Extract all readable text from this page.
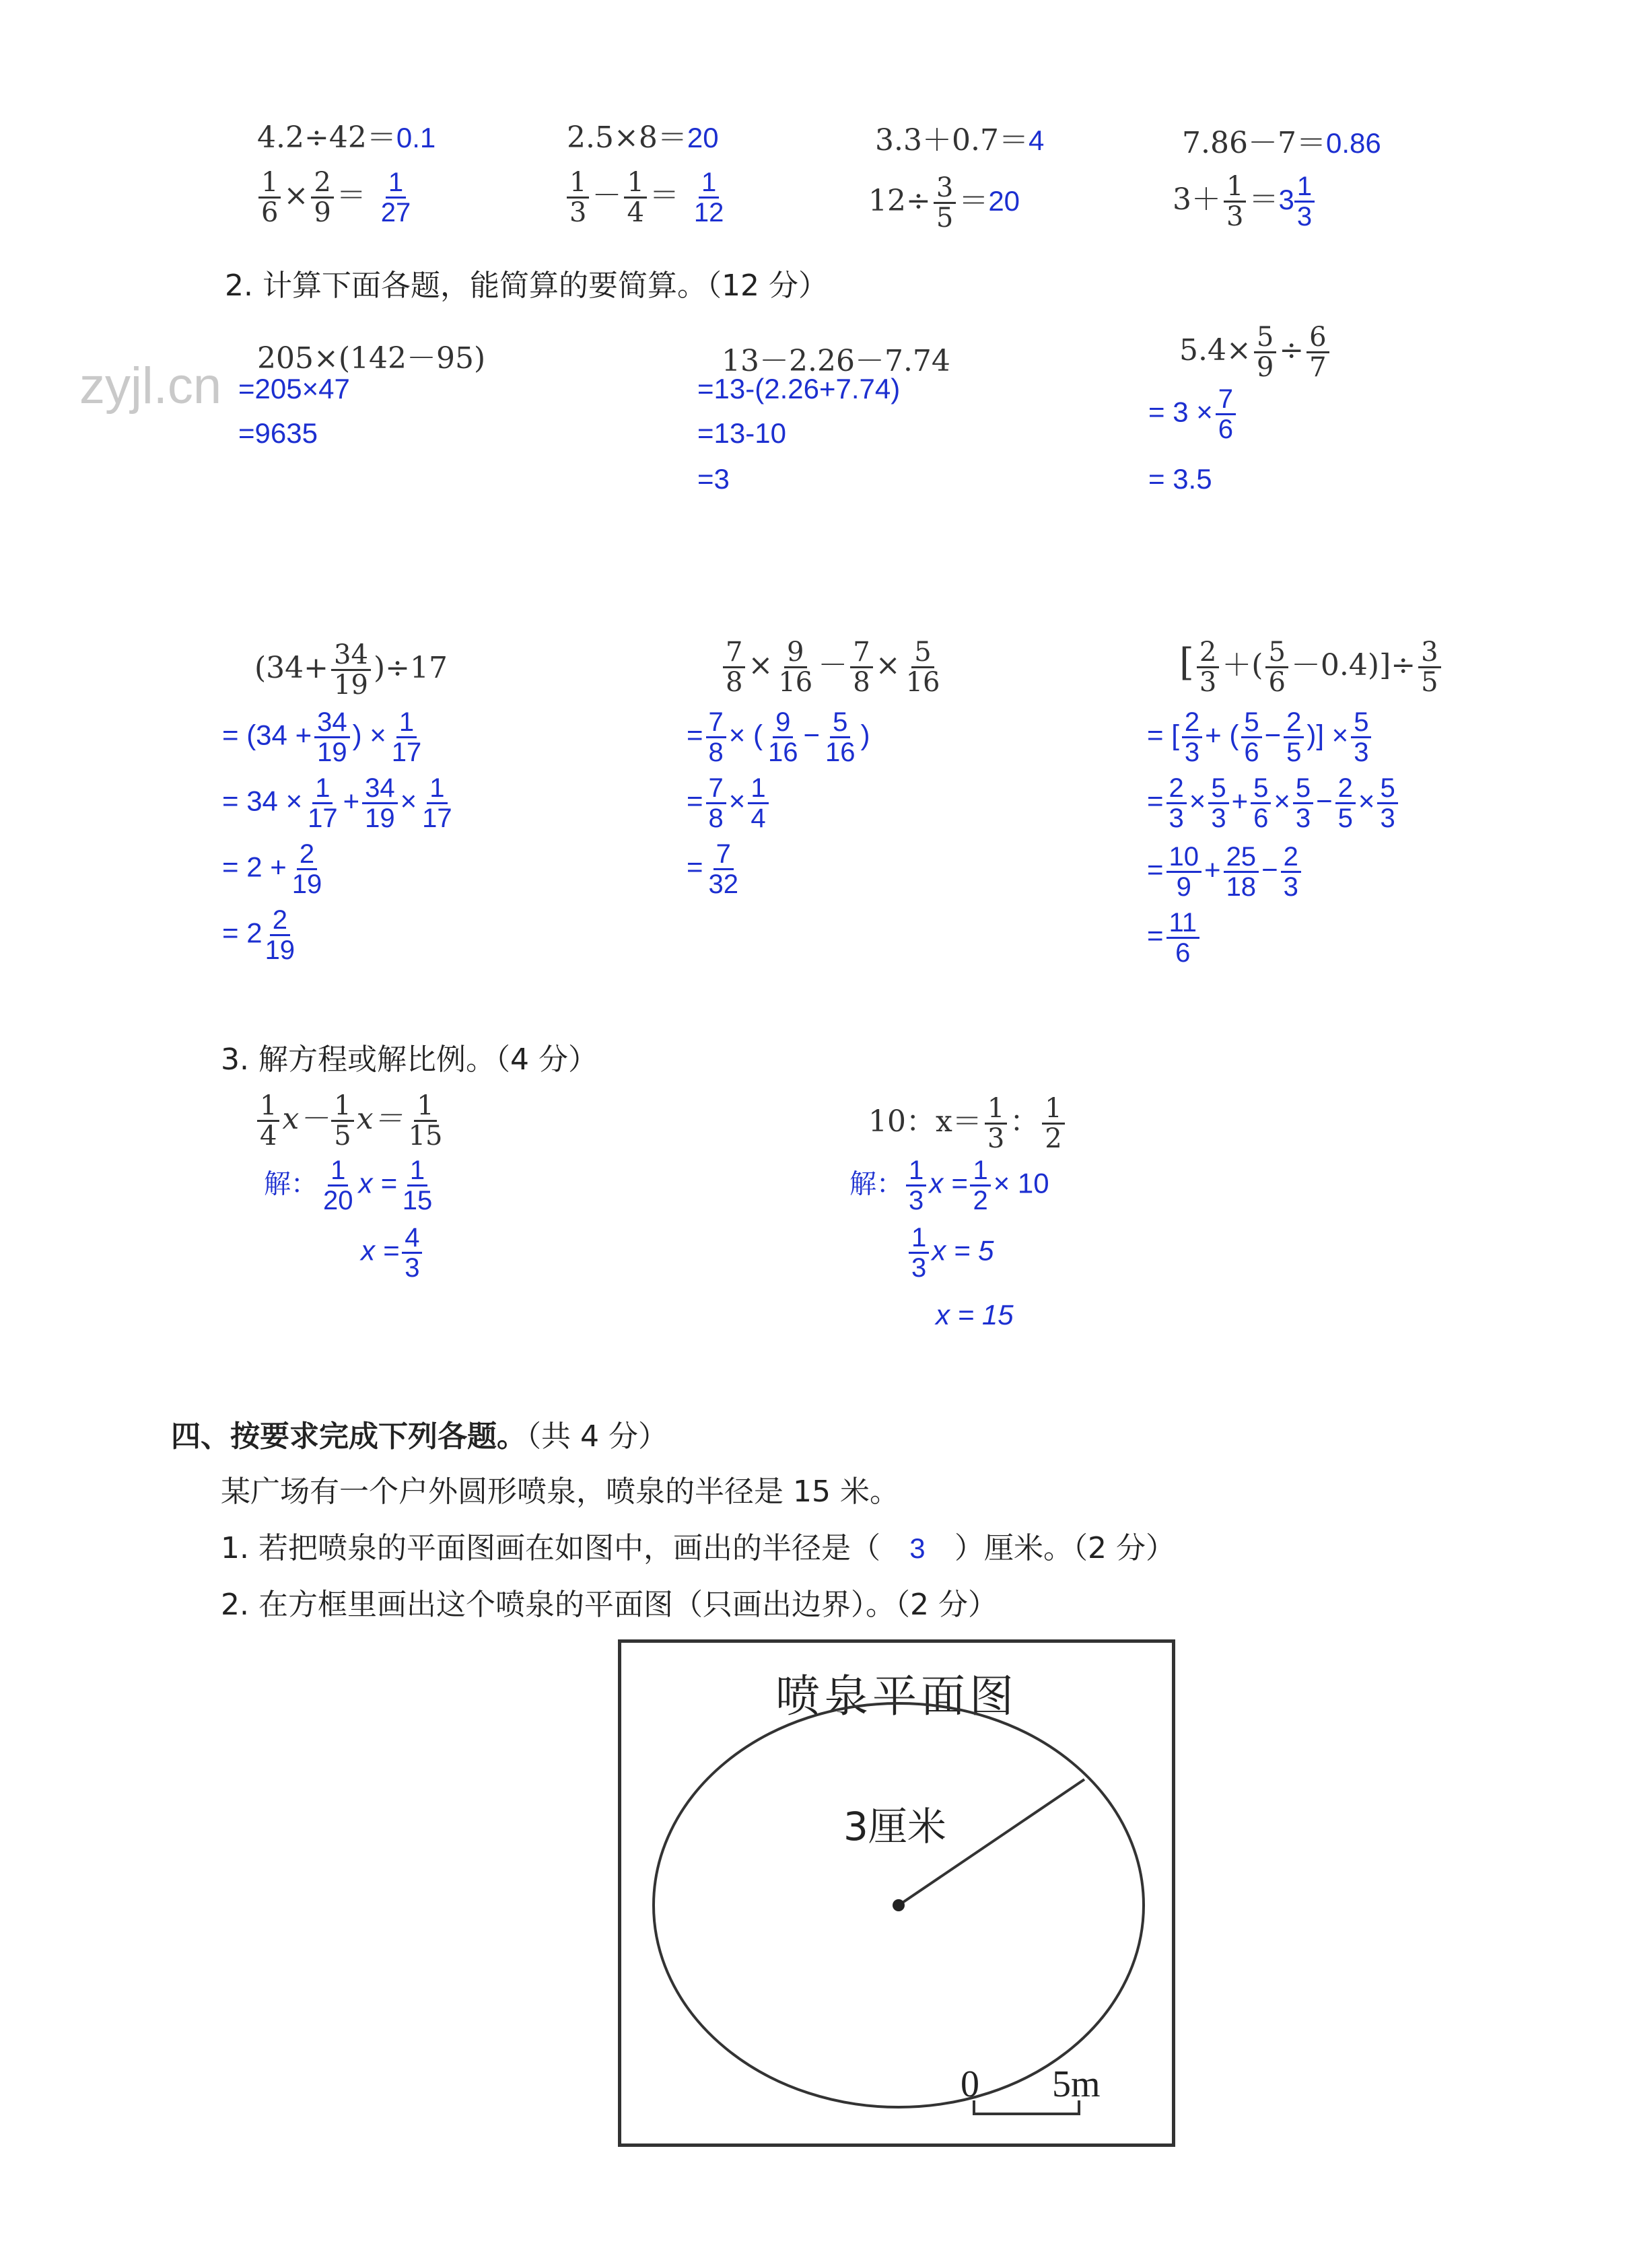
zyjl.cn
4.2÷42＝0.1	2.5×8＝20	3.3＋0.7＝4	7.86－7＝0.86
$\frac{1}{6} \times \frac{2}{9} = \frac{1}{27}$	$\frac{1}{3} - \frac{1}{4} = \frac{1}{12}$	$12\div \frac{3}{5} =20$	$3+ \frac{1}{3} =3 \frac{1}{3}$
2. 计算下面各题，能简算的要简算。（12 分）
205×(142－95)
=205×47
=9635
13－2.26－7.74
=13-(2.26+7.74)
=13-10
=3
$5.4\times \frac{5}{9} \div \frac{6}{7}$
= $3 \times \frac{7}{6}$
= 3.5
$(34+ \frac{34}{19} )\div 17$
= ($34 + \frac{34}{19}$ ) × $\frac{1}{17}$
= $34 \times \frac{1}{17} + \frac{34}{19} \times \frac{1}{17}$
= $2 + \frac{2}{19}$
= $2 \frac{2}{19}$
$\frac{7}{8} \times \frac{9}{16} - \frac{7}{8} \times \frac{5}{16}$
= $\frac{7}{8}$ × ( $\frac{9}{16} - \frac{5}{16}$ )
= $\frac{7}{8} \times \frac{1}{4}$
= $\frac{7}{32}$
[ $\frac{2}{3}$ ＋( $\frac{5}{6} -0.4)]\div \frac{3}{5}$
= [ $\frac{2}{3}$ + ( $\frac{5}{6} - \frac{2}{5}$ )] × $\frac{5}{3}$
= $\frac{2}{3} \times \frac{5}{3} + \frac{5}{6} \times \frac{5}{3} - \frac{2}{5} \times \frac{5}{3}$
= $\frac{10}{9} + \frac{25}{18} - \frac{2}{3}$
= $\frac{11}{6}$
3. 解方程或解比例。（4 分）
$\frac{1}{4} x- \frac{1}{5} x= \frac{1}{15}$
解： $\frac{1}{20}$ $x = \frac{1}{15}$
$x = \frac{4}{3}$
10：$x= \frac{1}{3}$ ： $\frac{1}{2}$
解： $\frac{1}{3}$ $x = \frac{1}{2} \times 10$
$\frac{1}{3}$ x = 5
x = 15
四、按要求完成下列各题。（共 4 分）
某广场有一个户外圆形喷泉，喷泉的半径是 15 米。
1. 若把喷泉的平面图画在如图中，画出的半径是（ 3 ）厘米。（2 分）
2. 在方框里画出这个喷泉的平面图（只画出边界）。（2 分）
喷泉平面图
3厘米
0 5m
